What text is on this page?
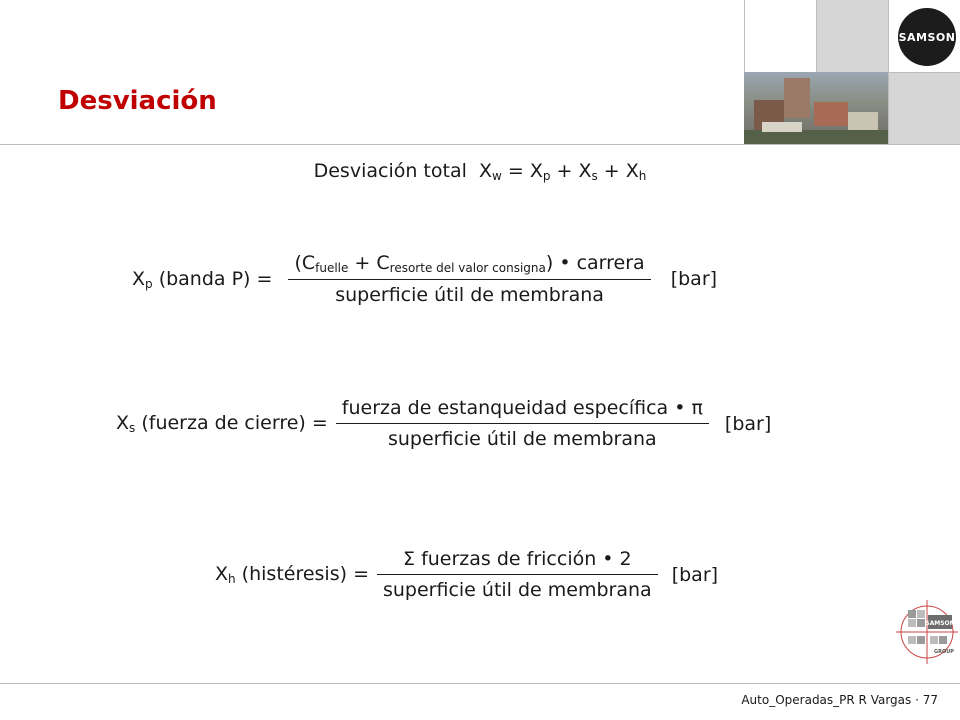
SAMSON
Desviación
Desviación total $X_w = X_p + X_s + X_h$
$X_p$ (banda $P) = \frac{(C_{fuelle} + C_{resorte del valor consigna}) • carrera}{\text{superficie útil de membrana}} [bar]$
$X_s$ (fuerza de cierre) = $\frac{\text{fuerza de estanqueidad específica • π}}{\text{superficie útil de membrana}} [bar]$
$X_h$ (histéresis) = $\frac{\text{Σ fuerzas de fricción • 2}}{\text{superficie útil de membrana}} [bar]$
SAMSON
GROUP
Auto_Operadas_PR R Vargas · 77
